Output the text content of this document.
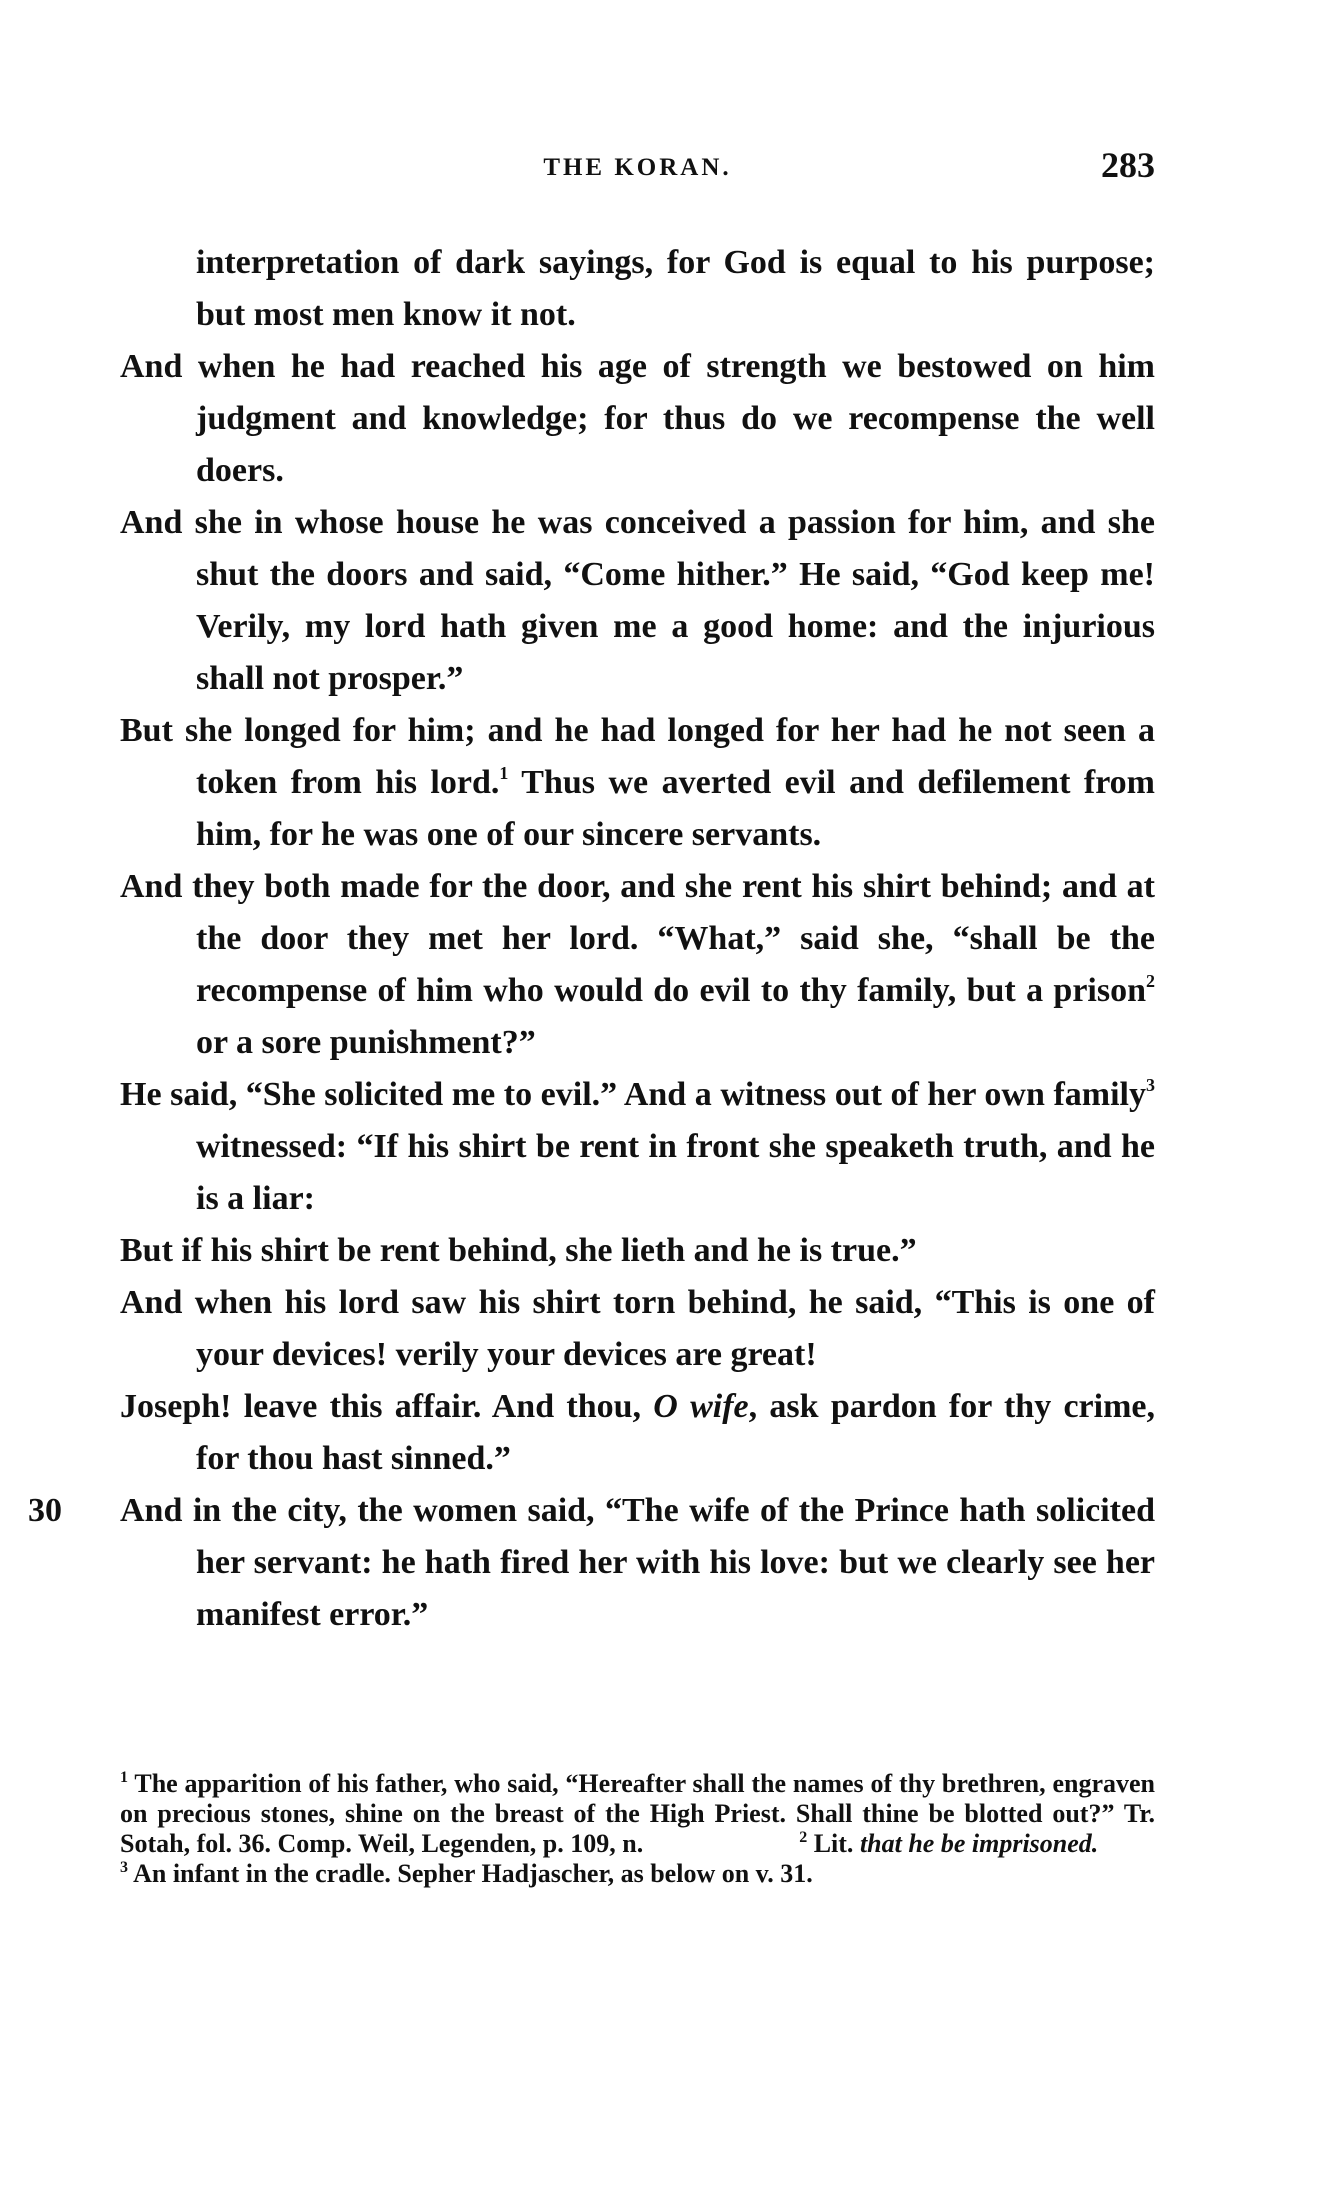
THE KORAN.	283

interpretation of dark sayings, for God is equal to his purpose; but most men know it not.

And when he had reached his age of strength we bestowed on him judgment and knowledge; for thus do we recompense the well doers.

And she in whose house he was conceived a passion for him, and she shut the doors and said, “Come hither.” He said, “God keep me! Verily, my lord hath given me a good home: and the injurious shall not prosper.”

But she longed for him; and he had longed for her had he not seen a token from his lord.$^1$ Thus we averted evil and defilement from him, for he was one of our sincere servants.

And they both made for the door, and she rent his shirt behind; and at the door they met her lord. “What,” said she, “shall be the recompense of him who would do evil to thy family, but a prison$^2$ or a sore punishment?”

He said, “She solicited me to evil.” And a witness out of her own family$^3$ witnessed: “If his shirt be rent in front she speaketh truth, and he is a liar:

But if his shirt be rent behind, she lieth and he is true.”

And when his lord saw his shirt torn behind, he said, “This is one of your devices! verily your devices are great!

Joseph! leave this affair. And thou, O wife, ask pardon for thy crime, for thou hast sinned.”

30 And in the city, the women said, “The wife of the Prince hath solicited her servant: he hath fired her with his love: but we clearly see her manifest error.”

$^1$ The apparition of his father, who said, “Hereafter shall the names of thy brethren, engraven on precious stones, shine on the breast of the High Priest. Shall thine be blotted out?” Tr. Sotah, fol. 36. Comp. Weil, Legenden, p. 109, n.	$^2$ Lit. that he be imprisoned.

$^3$ An infant in the cradle. Sepher Hadjascher, as below on v. 31.
